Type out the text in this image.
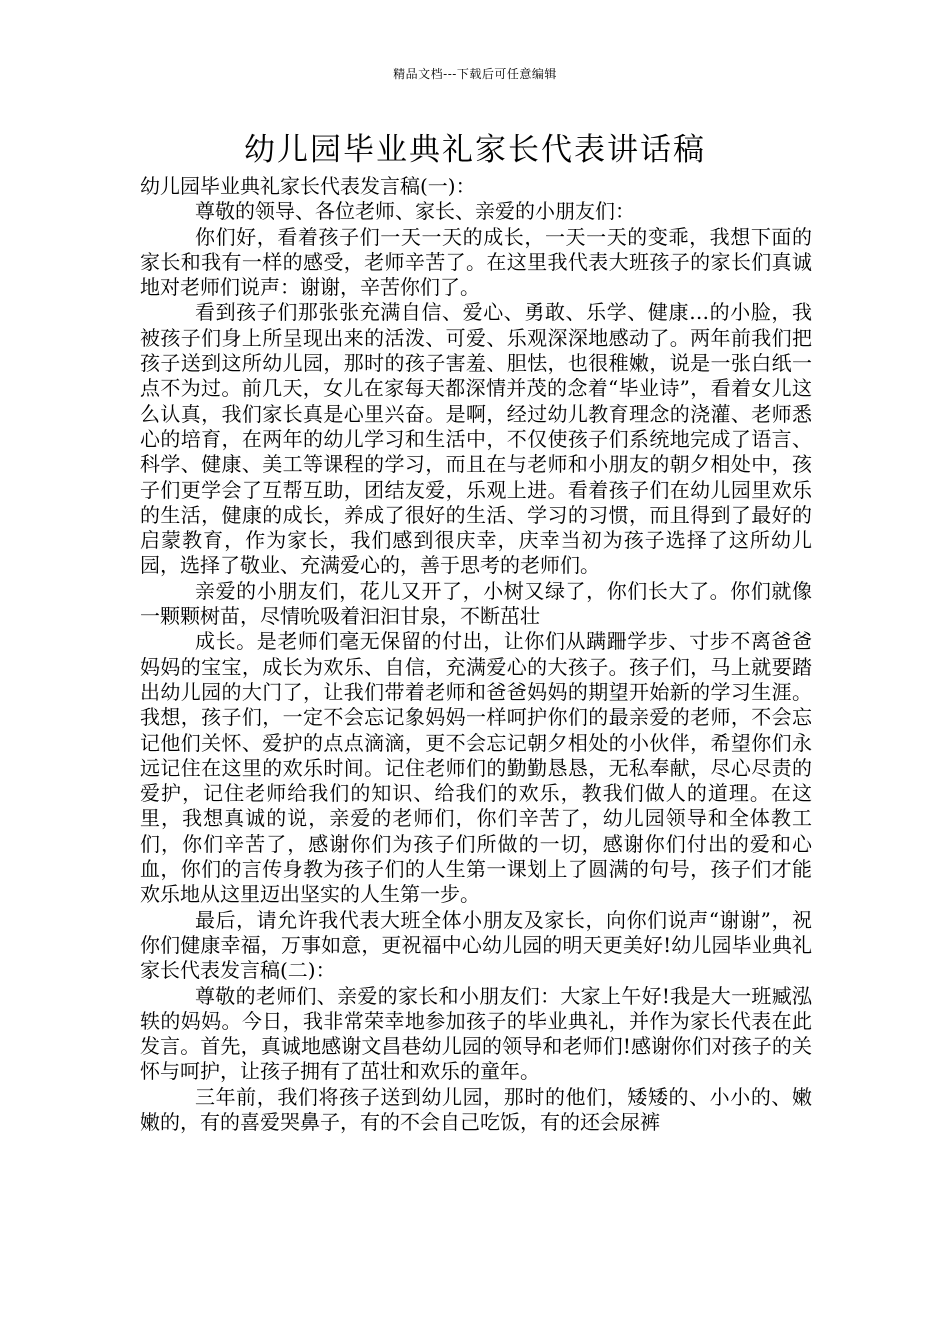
精品文档---下载后可任意编辑
幼儿园毕业典礼家长代表讲话稿

幼儿园毕业典礼家长代表发言稿(一)：

尊敬的领导、各位老师、家长、亲爱的小朋友们：

你们好，看着孩子们一天一天的成长，一天一天的变乖，我想下面的家长和我有一样的感受，老师辛苦了。在这里我代表大班孩子的家长们真诚地对老师们说声：谢谢，辛苦你们了。

看到孩子们那张张充满自信、爱心、勇敢、乐学、健康…的小脸，我被孩子们身上所呈现出来的活泼、可爱、乐观深深地感动了。两年前我们把孩子送到这所幼儿园，那时的孩子害羞、胆怯，也很稚嫩，说是一张白纸一点不为过。前几天，女儿在家每天都深情并茂的念着“毕业诗”，看着女儿这么认真，我们家长真是心里兴奋。是啊，经过幼儿教育理念的浇灌、老师悉心的培育，在两年的幼儿学习和生活中，不仅使孩子们系统地完成了语言、科学、健康、美工等课程的学习，而且在与老师和小朋友的朝夕相处中，孩子们更学会了互帮互助，团结友爱，乐观上进。看着孩子们在幼儿园里欢乐的生活，健康的成长，养成了很好的生活、学习的习惯，而且得到了最好的启蒙教育，作为家长，我们感到很庆幸，庆幸当初为孩子选择了这所幼儿园，选择了敬业、充满爱心的，善于思考的老师们。

亲爱的小朋友们，花儿又开了，小树又绿了，你们长大了。你们就像一颗颗树苗，尽情吮吸着汩汩甘泉，不断茁壮

成长。是老师们毫无保留的付出，让你们从蹒跚学步、寸步不离爸爸妈妈的宝宝，成长为欢乐、自信，充满爱心的大孩子。孩子们，马上就要踏出幼儿园的大门了，让我们带着老师和爸爸妈妈的期望开始新的学习生涯。我想，孩子们，一定不会忘记象妈妈一样呵护你们的最亲爱的老师，不会忘记他们关怀、爱护的点点滴滴，更不会忘记朝夕相处的小伙伴，希望你们永远记住在这里的欢乐时间。记住老师们的勤勤恳恳，无私奉献，尽心尽责的爱护，记住老师给我们的知识、给我们的欢乐，教我们做人的道理。在这里，我想真诚的说，亲爱的老师们，你们辛苦了，幼儿园领导和全体教工们，你们辛苦了，感谢你们为孩子们所做的一切，感谢你们付出的爱和心血，你们的言传身教为孩子们的人生第一课划上了圆满的句号，孩子们才能欢乐地从这里迈出坚实的人生第一步。

最后，请允许我代表大班全体小朋友及家长，向你们说声“谢谢”，祝你们健康幸福，万事如意，更祝福中心幼儿园的明天更美好!幼儿园毕业典礼家长代表发言稿(二)：

尊敬的老师们、亲爱的家长和小朋友们：大家上午好!我是大一班臧泓轶的妈妈。今日，我非常荣幸地参加孩子的毕业典礼，并作为家长代表在此发言。首先，真诚地感谢文昌巷幼儿园的领导和老师们!感谢你们对孩子的关怀与呵护，让孩子拥有了茁壮和欢乐的童年。

三年前，我们将孩子送到幼儿园，那时的他们，矮矮的、小小的、嫩嫩的，有的喜爱哭鼻子，有的不会自己吃饭，有的还会尿裤
